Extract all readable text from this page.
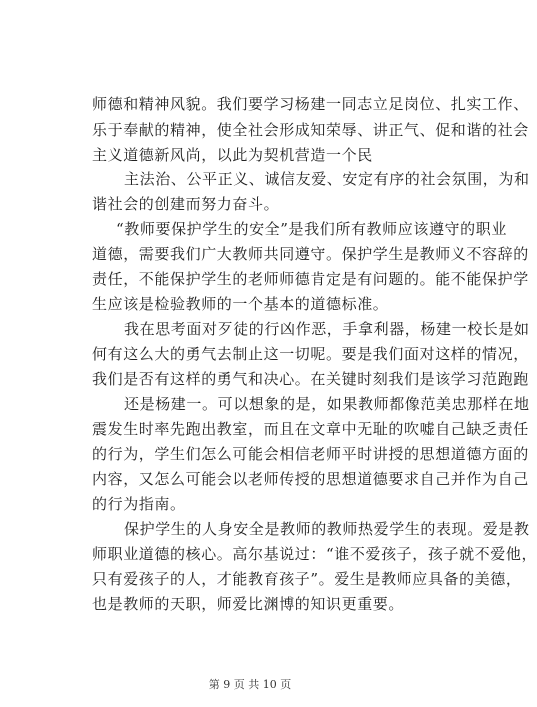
师德和精神风貌。我们要学习杨建一同志立足岗位、扎实工作、
乐于奉献的精神，使全社会形成知荣辱、讲正气、促和谐的社会
主义道德新风尚，以此为契机营造一个民
主法治、公平正义、诚信友爱、安定有序的社会氛围，为和
谐社会的创建而努力奋斗。
“教师要保护学生的安全”是我们所有教师应该遵守的职业
道德，需要我们广大教师共同遵守。保护学生是教师义不容辞的
责任，不能保护学生的老师师德肯定是有问题的。能不能保护学
生应该是检验教师的一个基本的道德标准。
我在思考面对歹徒的行凶作恶，手拿利器，杨建一校长是如
何有这么大的勇气去制止这一切呢。要是我们面对这样的情况，
我们是否有这样的勇气和决心。在关键时刻我们是该学习范跑跑
还是杨建一。可以想象的是，如果教师都像范美忠那样在地
震发生时率先跑出教室，而且在文章中无耻的吹嘘自己缺乏责任
的行为，学生们怎么可能会相信老师平时讲授的思想道德方面的
内容，又怎么可能会以老师传授的思想道德要求自己并作为自己
的行为指南。
保护学生的人身安全是教师的教师热爱学生的表现。爱是教
师职业道德的核心。高尔基说过：“谁不爱孩子，孩子就不爱他，
只有爱孩子的人，才能教育孩子”。爱生是教师应具备的美德，
也是教师的天职，师爱比渊博的知识更重要。
第 9 页 共 10 页
